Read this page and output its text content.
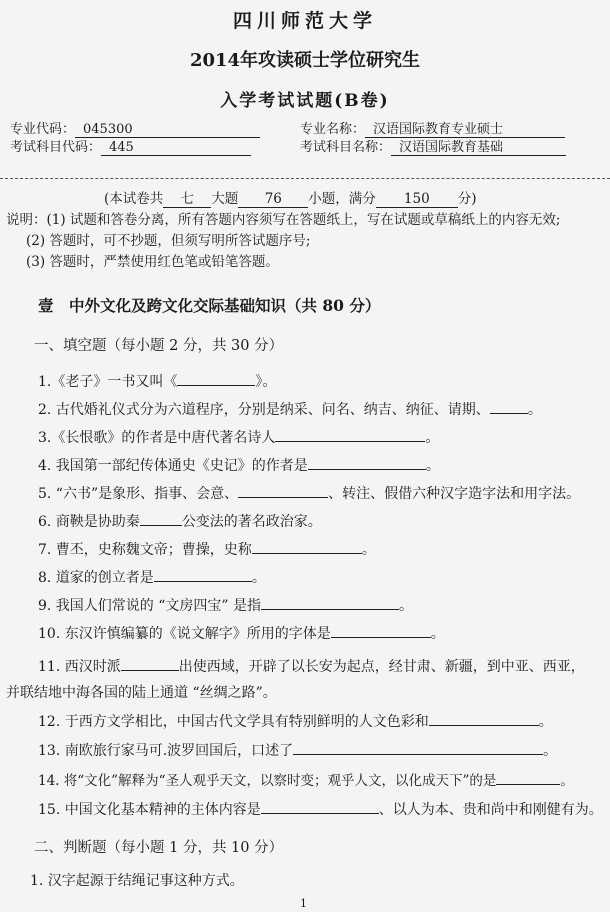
四川师范大学
2014年攻读硕士学位研究生
入学考试试题(B卷)
专业代码： 045300	专业名称： 汉语国际教育专业硕士
考试科目代码： 445	考试科目名称： 汉语国际教育基础
(本试卷共 七 大题 76 小题，满分 150 分)
说明：(1) 试题和答卷分离，所有答题内容须写在答题纸上，写在试题或草稿纸上的内容无效;
(2) 答题时，可不抄题，但须写明所答试题序号;
(3) 答题时，严禁使用红色笔或铅笔答题。
壹　中外文化及跨文化交际基础知识（共 80 分）
一、填空题（每小题 2 分，共 30 分）
1.《老子》一书又叫《	》。
2. 古代婚礼仪式分为六道程序，分别是纳采、问名、纳吉、纳征、请期、	。
3.《长恨歌》的作者是中唐代著名诗人	。
4. 我国第一部纪传体通史《史记》的作者是	。
5. “六书”是象形、指事、会意、	、转注、假借六种汉字造字法和用字法。
6. 商鞅是协助秦	公变法的著名政治家。
7. 曹丕，史称魏文帝；曹操，史称	。
8. 道家的创立者是	。
9. 我国人们常说的 “文房四宝” 是指	。
10. 东汉许慎编纂的《说文解字》所用的字体是	。
11. 西汉时派	出使西域，开辟了以长安为起点，经甘肃、新疆，到中亚、西亚，
并联结地中海各国的陆上通道 “丝绸之路”。
12. 于西方文学相比，中国古代文学具有特别鲜明的人文色彩和	。
13. 南欧旅行家马可.波罗回国后，口述了	。
14. 将“文化”解释为“圣人观乎天文，以察时变；观乎人文，以化成天下”的是	。
15. 中国文化基本精神的主体内容是	、以人为本、贵和尚中和刚健有为。
二、判断题（每小题 1 分，共 10 分）
1. 汉字起源于结绳记事这种方式。
1
